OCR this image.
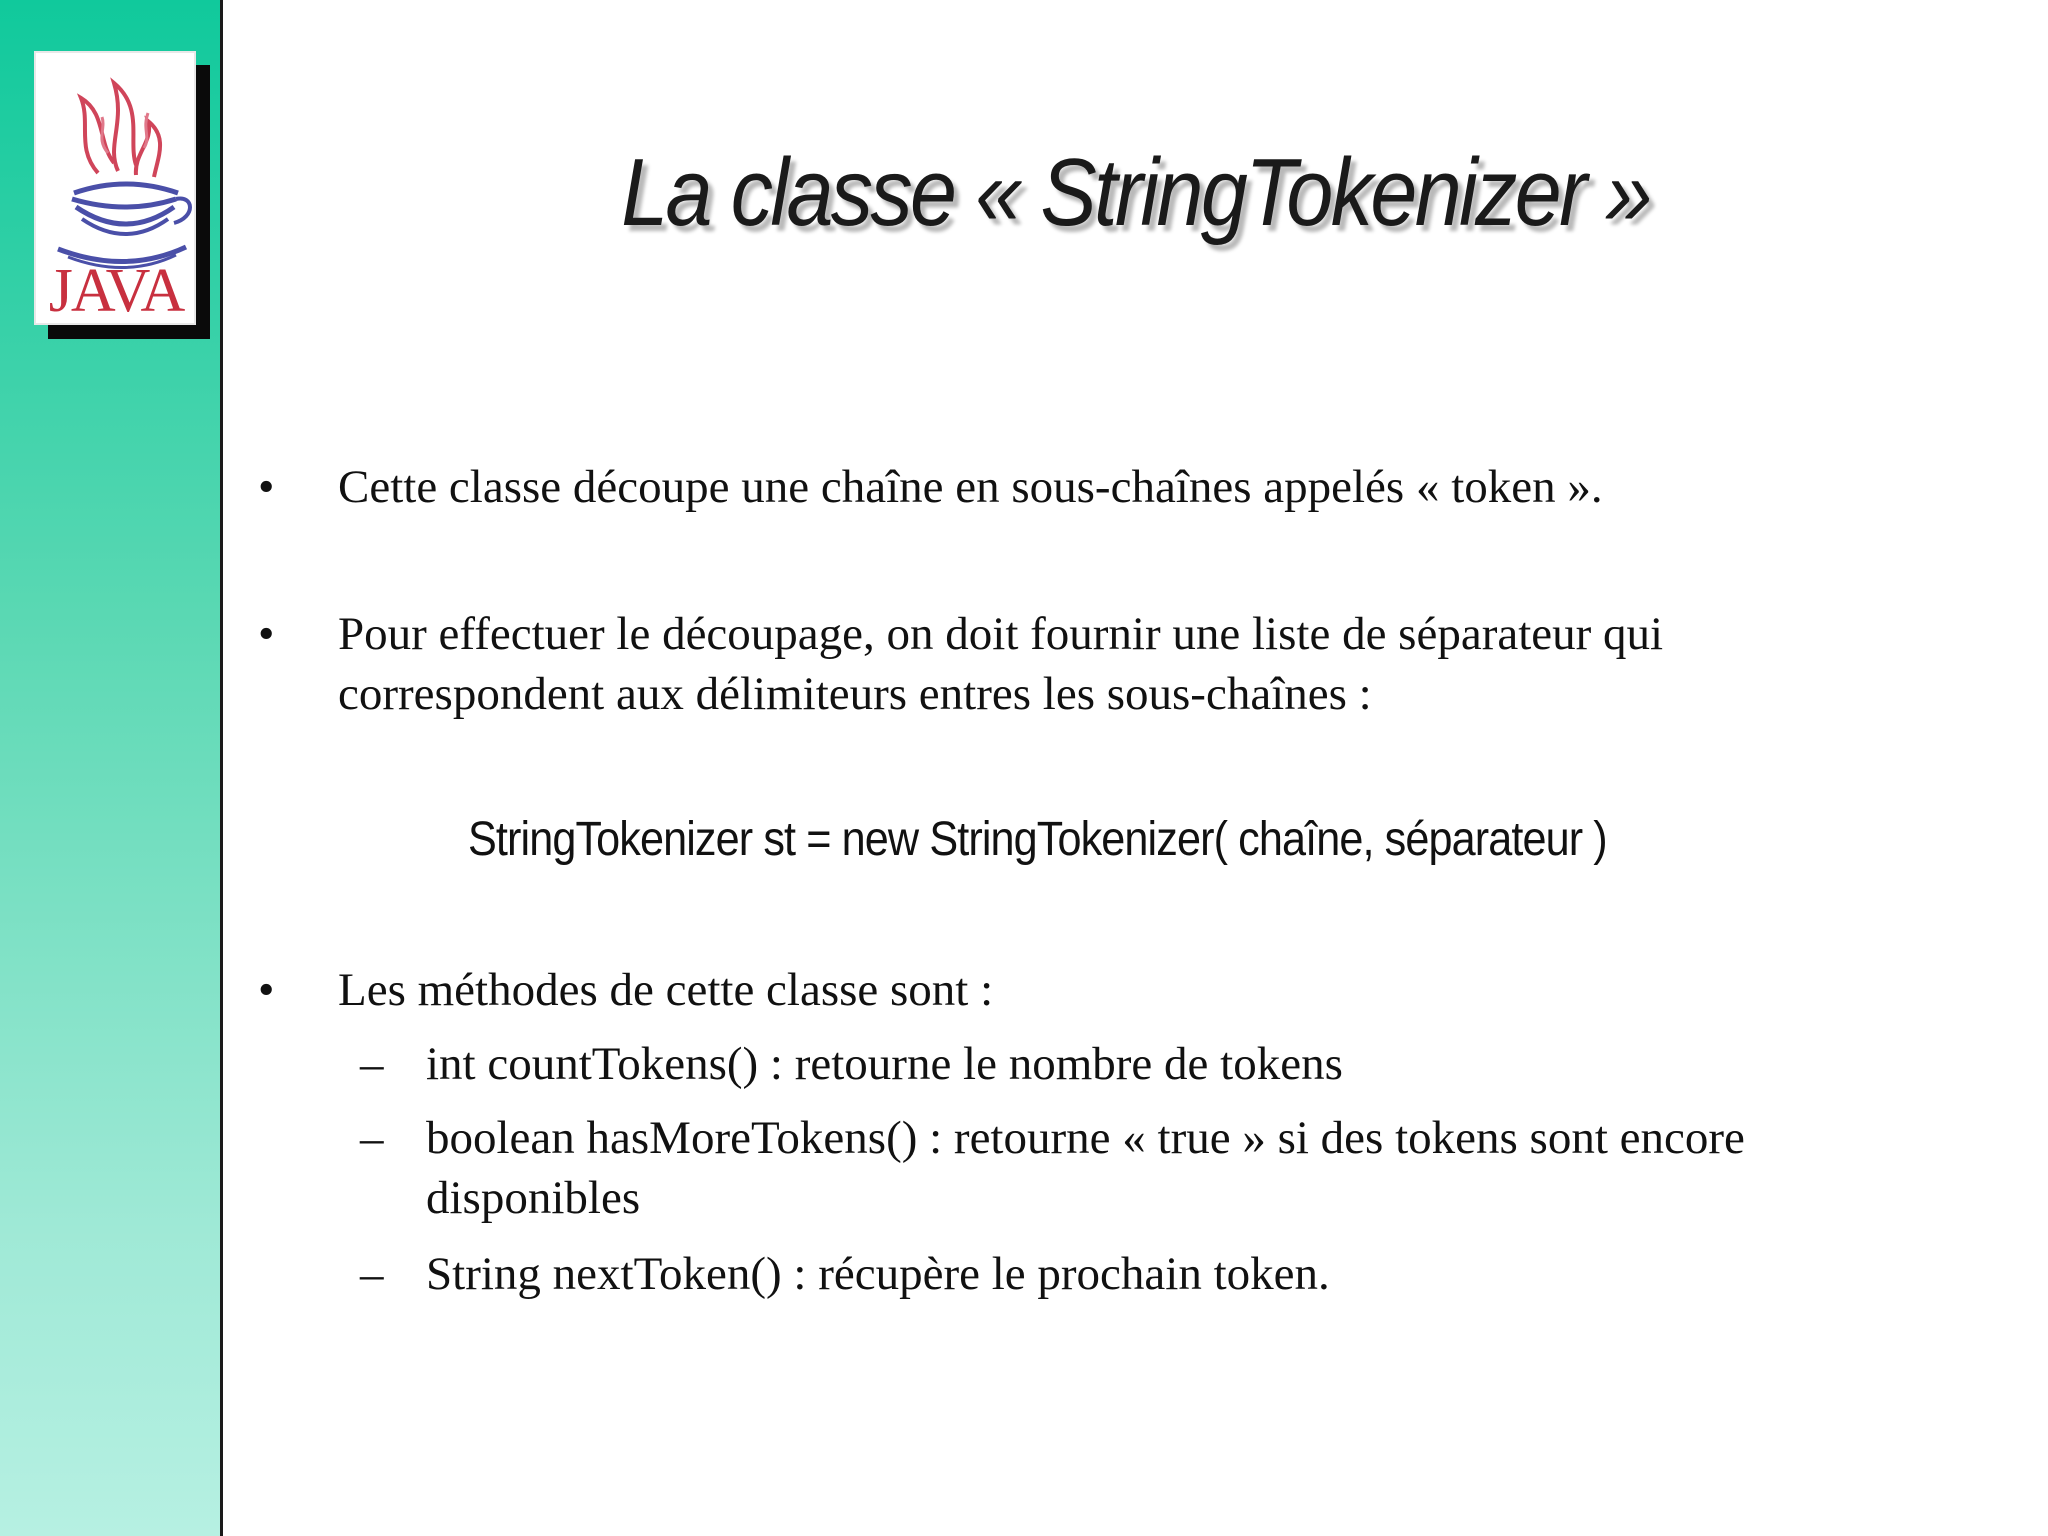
JAVA
La classe « StringTokenizer »
•	Cette classe découpe une chaîne en sous-chaînes appelés « token ».
•	Pour effectuer le découpage, on doit fournir une liste de séparateur qui
correspondent aux délimiteurs entres les sous-chaînes :
StringTokenizer st = new StringTokenizer( chaîne, séparateur )
•	Les méthodes de cette classe sont :
– int countTokens() : retourne le nombre de tokens
– boolean hasMoreTokens() : retourne « true » si des tokens sont encore
disponibles
– String nextToken() : récupère le prochain token.
